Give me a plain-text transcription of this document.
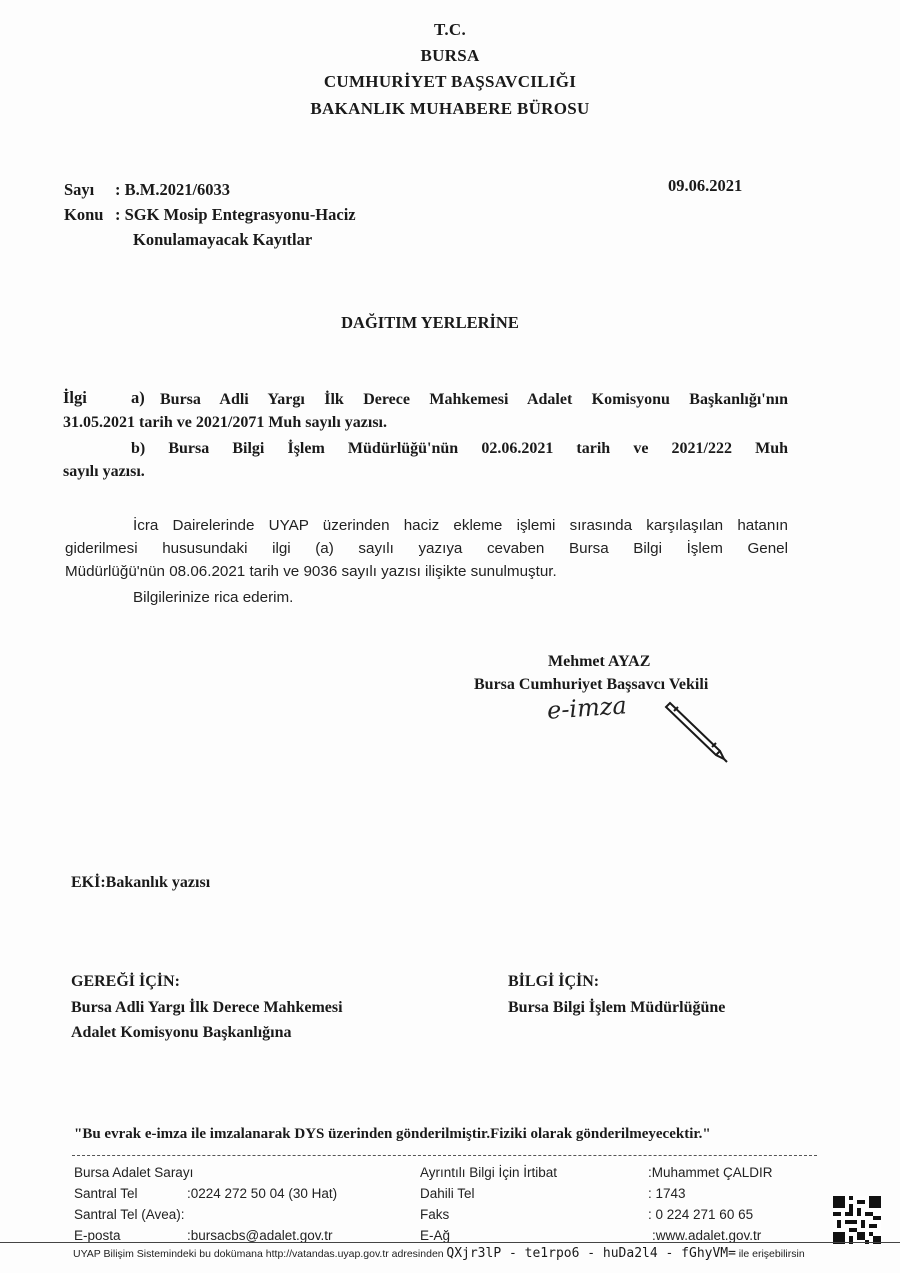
T.C.
BURSA
CUMHURİYET BAŞSAVCILIĞI
BAKANLIK MUHABERE BÜROSU
Sayı : B.M.2021/6033
Konu : SGK Mosip Entegrasyonu-Haciz
Konulamayacak Kayıtlar
09.06.2021
DAĞITIM YERLERİNE
İlgi	a) Bursa Adli Yargı İlk Derece Mahkemesi Adalet Komisyonu Başkanlığı'nın
31.05.2021 tarih ve 2021/2071 Muh sayılı yazısı.
b) Bursa Bilgi İşlem Müdürlüğü'nün 02.06.2021 tarih ve 2021/222 Muh
sayılı yazısı.
İcra Dairelerinde UYAP üzerinden haciz ekleme işlemi sırasında karşılaşılan hatanın
giderilmesi hususundaki ilgi (a) sayılı yazıya cevaben Bursa Bilgi İşlem Genel
Müdürlüğü'nün 08.06.2021 tarih ve 9036 sayılı yazısı ilişikte sunulmuştur.
Bilgilerinize rica ederim.
Mehmet AYAZ
Bursa Cumhuriyet Başsavcı Vekili
e-imza
EKİ:Bakanlık yazısı
GEREĞİ İÇİN:
Bursa Adli Yargı İlk Derece Mahkemesi
Adalet Komisyonu Başkanlığına
BİLGİ İÇİN:
Bursa Bilgi İşlem Müdürlüğüne
"Bu evrak e-imza ile imzalanarak DYS üzerinden gönderilmiştir.Fiziki olarak gönderilmeyecektir."
Bursa Adalet Sarayı
Santral Tel	:0224 272 50 04 (30 Hat)
Santral Tel (Avea):
E-posta	:bursacbs@adalet.gov.tr
Ayrıntılı Bilgi İçin İrtibat	:Muhammet ÇALDIR
Dahili Tel	: 1743
Faks	: 0 224 271 60 65
E-Ağ	:www.adalet.gov.tr
UYAP Bilişim Sistemindeki bu dokümana http://vatandas.uyap.gov.tr adresinden QXjr3lP - te1rpo6 - huDa2l4 - fGhyVM= ile erişebilirsin
